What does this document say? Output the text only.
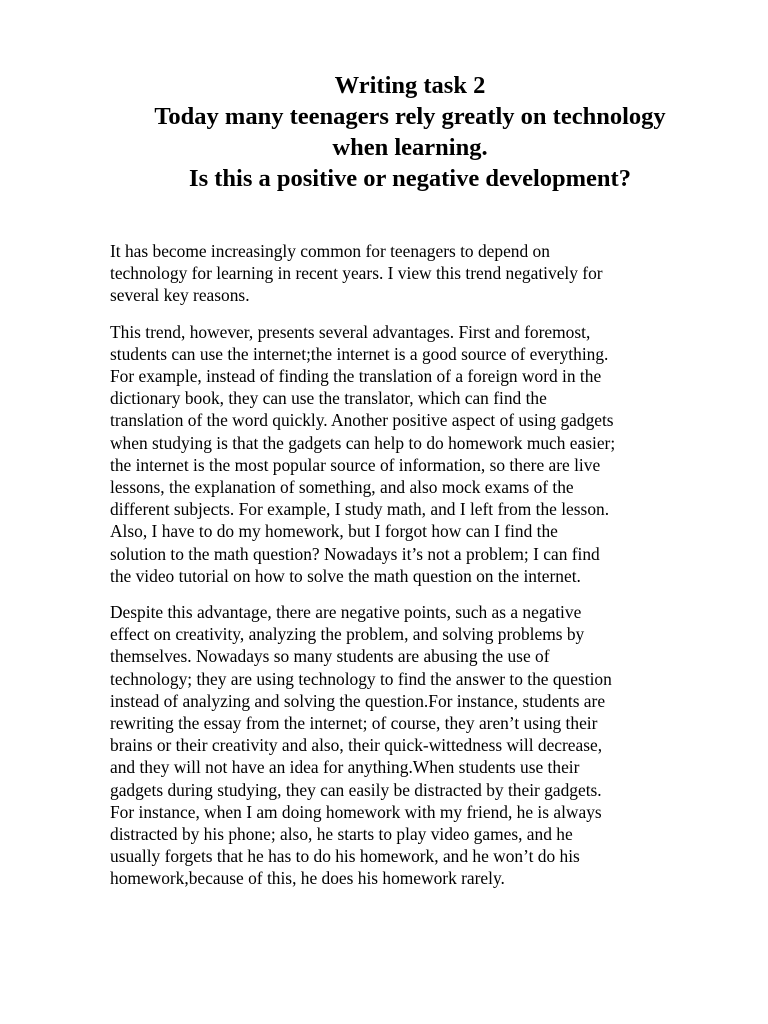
Writing task 2
Today many teenagers rely greatly on technology
when learning.
Is this a positive or negative development?

It has become increasingly common for teenagers to depend on
technology for learning in recent years. I view this trend negatively for
several key reasons.

This trend, however, presents several advantages. First and foremost,
students can use the internet;the internet is a good source of everything.
For example, instead of finding the translation of a foreign word in the
dictionary book, they can use the translator, which can find the
translation of the word quickly. Another positive aspect of using gadgets
when studying is that the gadgets can help to do homework much easier;
the internet is the most popular source of information, so there are live
lessons, the explanation of something, and also mock exams of the
different subjects. For example, I study math, and I left from the lesson.
Also, I have to do my homework, but I forgot how can I find the
solution to the math question? Nowadays it’s not a problem; I can find
the video tutorial on how to solve the math question on the internet.

Despite this advantage, there are negative points, such as a negative
effect on creativity, analyzing the problem, and solving problems by
themselves. Nowadays so many students are abusing the use of
technology; they are using technology to find the answer to the question
instead of analyzing and solving the question.For instance, students are
rewriting the essay from the internet; of course, they aren’t using their
brains or their creativity and also, their quick-wittedness will decrease,
and they will not have an idea for anything.When students use their
gadgets during studying, they can easily be distracted by their gadgets.
For instance, when I am doing homework with my friend, he is always
distracted by his phone; also, he starts to play video games, and he
usually forgets that he has to do his homework, and he won’t do his
homework,because of this, he does his homework rarely.
